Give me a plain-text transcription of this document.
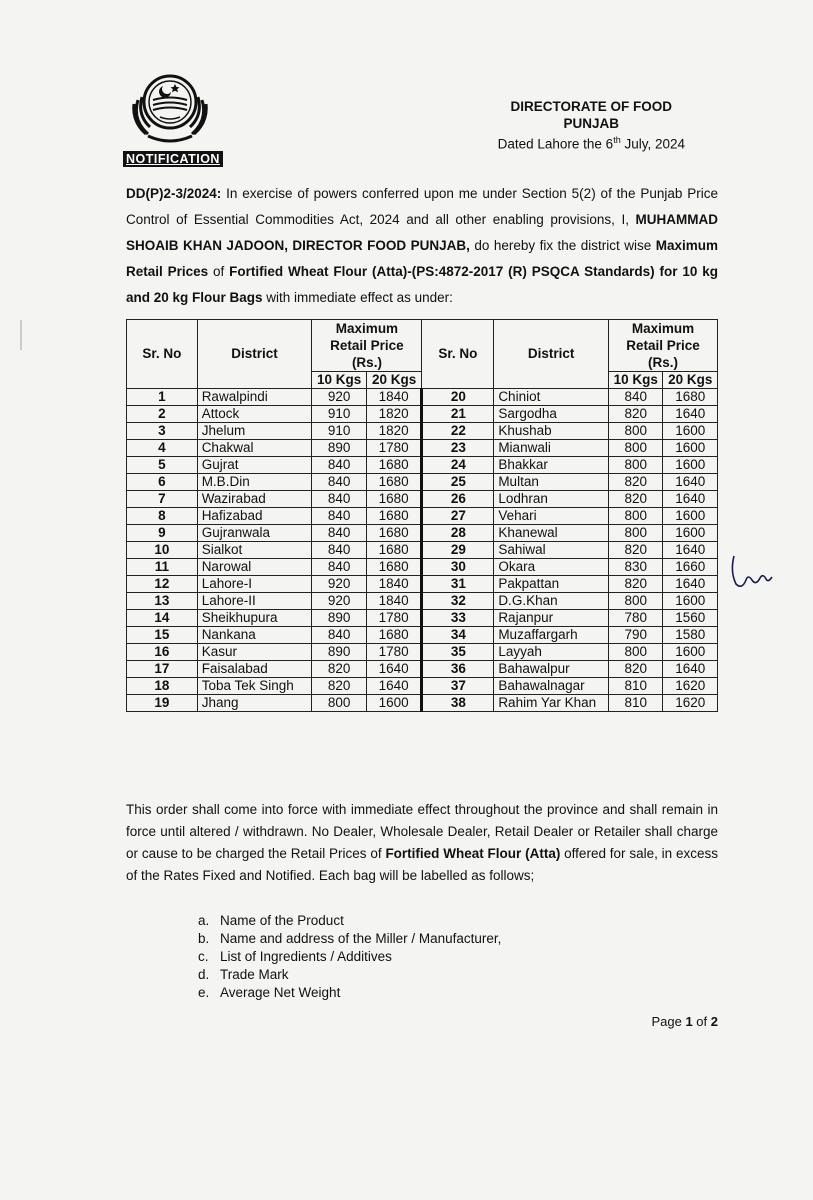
NOTIFICATION
DIRECTORATE OF FOOD
PUNJAB
Dated Lahore the 6th July, 2024
DD(P)2-3/2024: In exercise of powers conferred upon me under Section 5(2) of the Punjab Price Control of Essential Commodities Act, 2024 and all other enabling provisions, I, MUHAMMAD SHOAIB KHAN JADOON, DIRECTOR FOOD PUNJAB, do hereby fix the district wise Maximum Retail Prices of Fortified Wheat Flour (Atta)-(PS:4872-2017 (R) PSQCA Standards) for 10 kg and 20 kg Flour Bags with immediate effect as under:
Sr. No	District	Maximum Retail Price (Rs.)		Sr. No	District	Maximum Retail Price (Rs.)	
		10 Kgs	20 Kgs			10 Kgs	20 Kgs
1	Rawalpindi	920	1840	20	Chiniot	840	1680
2	Attock	910	1820	21	Sargodha	820	1640
3	Jhelum	910	1820	22	Khushab	800	1600
4	Chakwal	890	1780	23	Mianwali	800	1600
5	Gujrat	840	1680	24	Bhakkar	800	1600
6	M.B.Din	840	1680	25	Multan	820	1640
7	Wazirabad	840	1680	26	Lodhran	820	1640
8	Hafizabad	840	1680	27	Vehari	800	1600
9	Gujranwala	840	1680	28	Khanewal	800	1600
10	Sialkot	840	1680	29	Sahiwal	820	1640
11	Narowal	840	1680	30	Okara	830	1660
12	Lahore-I	920	1840	31	Pakpattan	820	1640
13	Lahore-II	920	1840	32	D.G.Khan	800	1600
14	Sheikhupura	890	1780	33	Rajanpur	780	1560
15	Nankana	840	1680	34	Muzaffargarh	790	1580
16	Kasur	890	1780	35	Layyah	800	1600
17	Faisalabad	820	1640	36	Bahawalpur	820	1640
18	Toba Tek Singh	820	1640	37	Bahawalnagar	810	1620
19	Jhang	800	1600	38	Rahim Yar Khan	810	1620
This order shall come into force with immediate effect throughout the province and shall remain in force until altered / withdrawn. No Dealer, Wholesale Dealer, Retail Dealer or Retailer shall charge or cause to be charged the Retail Prices of Fortified Wheat Flour (Atta) offered for sale, in excess of the Rates Fixed and Notified. Each bag will be labelled as follows;
a. Name of the Product
b. Name and address of the Miller / Manufacturer,
c. List of Ingredients / Additives
d. Trade Mark
e. Average Net Weight
Page 1 of 2
